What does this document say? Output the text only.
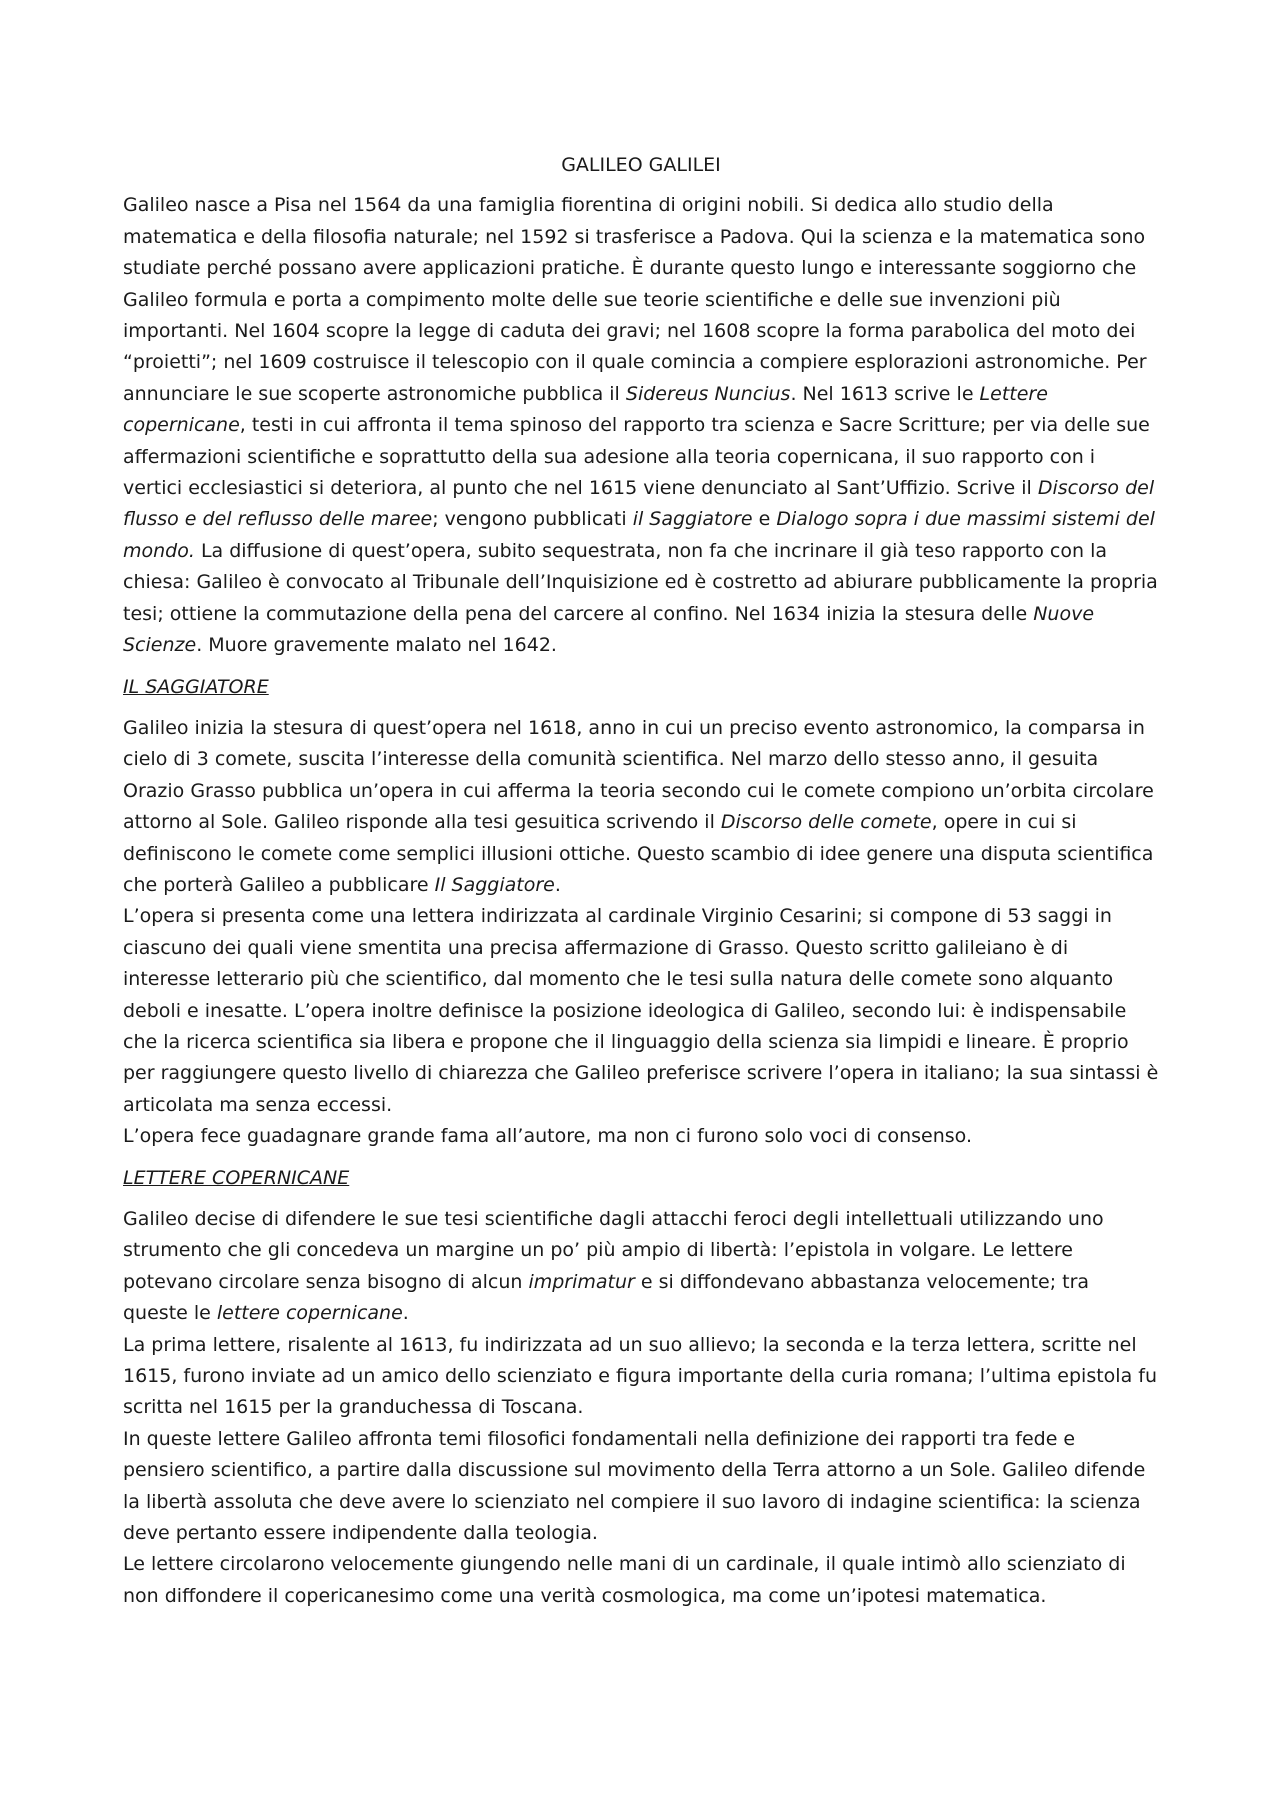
GALILEO GALILEI

Galileo nasce a Pisa nel 1564 da una famiglia fiorentina di origini nobili. Si dedica allo studio della matematica e della filosofia naturale; nel 1592 si trasferisce a Padova. Qui la scienza e la matematica sono studiate perché possano avere applicazioni pratiche. È durante questo lungo e interessante soggiorno che Galileo formula e porta a compimento molte delle sue teorie scientifiche e delle sue invenzioni più importanti. Nel 1604 scopre la legge di caduta dei gravi; nel 1608 scopre la forma parabolica del moto dei “proietti”; nel 1609 costruisce il telescopio con il quale comincia a compiere esplorazioni astronomiche. Per annunciare le sue scoperte astronomiche pubblica il Sidereus Nuncius. Nel 1613 scrive le Lettere copernicane, testi in cui affronta il tema spinoso del rapporto tra scienza e Sacre Scritture; per via delle sue affermazioni scientifiche e soprattutto della sua adesione alla teoria copernicana, il suo rapporto con i vertici ecclesiastici si deteriora, al punto che nel 1615 viene denunciato al Sant’Uffizio. Scrive il Discorso del flusso e del reflusso delle maree; vengono pubblicati il Saggiatore e Dialogo sopra i due massimi sistemi del mondo. La diffusione di quest’opera, subito sequestrata, non fa che incrinare il già teso rapporto con la chiesa: Galileo è convocato al Tribunale dell’Inquisizione ed è costretto ad abiurare pubblicamente la propria tesi; ottiene la commutazione della pena del carcere al confino. Nel 1634 inizia la stesura delle Nuove Scienze. Muore gravemente malato nel 1642.

IL SAGGIATORE

Galileo inizia la stesura di quest’opera nel 1618, anno in cui un preciso evento astronomico, la comparsa in cielo di 3 comete, suscita l’interesse della comunità scientifica. Nel marzo dello stesso anno, il gesuita Orazio Grasso pubblica un’opera in cui afferma la teoria secondo cui le comete compiono un’orbita circolare attorno al Sole. Galileo risponde alla tesi gesuitica scrivendo il Discorso delle comete, opere in cui si definiscono le comete come semplici illusioni ottiche. Questo scambio di idee genere una disputa scientifica che porterà Galileo a pubblicare Il Saggiatore.

L’opera si presenta come una lettera indirizzata al cardinale Virginio Cesarini; si compone di 53 saggi in ciascuno dei quali viene smentita una precisa affermazione di Grasso. Questo scritto galileiano è di interesse letterario più che scientifico, dal momento che le tesi sulla natura delle comete sono alquanto deboli e inesatte. L’opera inoltre definisce la posizione ideologica di Galileo, secondo lui: è indispensabile che la ricerca scientifica sia libera e propone che il linguaggio della scienza sia limpidi e lineare. È proprio per raggiungere questo livello di chiarezza che Galileo preferisce scrivere l’opera in italiano; la sua sintassi è articolata ma senza eccessi.

L’opera fece guadagnare grande fama all’autore, ma non ci furono solo voci di consenso.

LETTERE COPERNICANE

Galileo decise di difendere le sue tesi scientifiche dagli attacchi feroci degli intellettuali utilizzando uno strumento che gli concedeva un margine un po’ più ampio di libertà: l’epistola in volgare. Le lettere potevano circolare senza bisogno di alcun imprimatur e si diffondevano abbastanza velocemente; tra queste le lettere copernicane.

La prima lettere, risalente al 1613, fu indirizzata ad un suo allievo; la seconda e la terza lettera, scritte nel 1615, furono inviate ad un amico dello scienziato e figura importante della curia romana; l’ultima epistola fu scritta nel 1615 per la granduchessa di Toscana.

In queste lettere Galileo affronta temi filosofici fondamentali nella definizione dei rapporti tra fede e pensiero scientifico, a partire dalla discussione sul movimento della Terra attorno a un Sole. Galileo difende la libertà assoluta che deve avere lo scienziato nel compiere il suo lavoro di indagine scientifica: la scienza deve pertanto essere indipendente dalla teologia.

Le lettere circolarono velocemente giungendo nelle mani di un cardinale, il quale intimò allo scienziato di non diffondere il copericanesimo come una verità cosmologica, ma come un’ipotesi matematica.
